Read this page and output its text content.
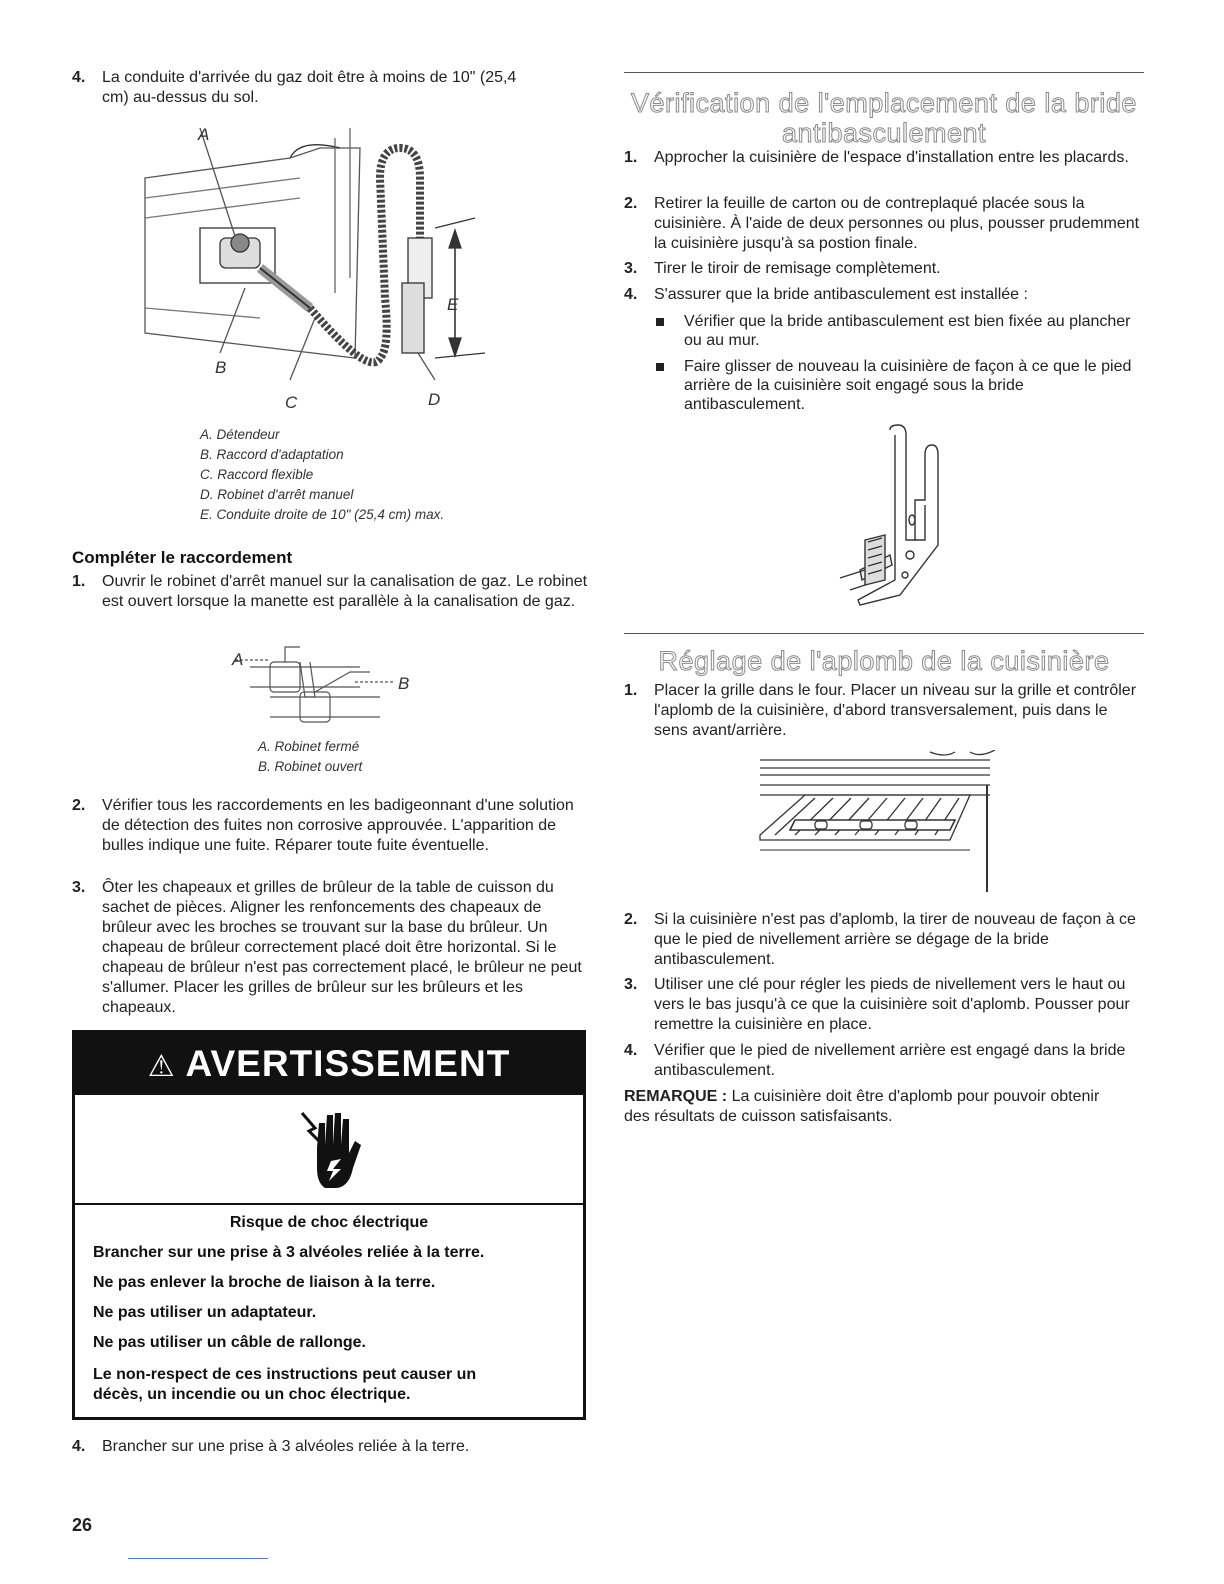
4. La conduite d'arrivée du gaz doit être à moins de 10" (25,4 cm) au-dessus du sol.
A
B
C	D
E
A. Détendeur
B. Raccord d'adaptation
C. Raccord flexible
D. Robinet d'arrêt manuel
E. Conduite droite de 10" (25,4 cm) max.
Compléter le raccordement
1. Ouvrir le robinet d'arrêt manuel sur la canalisation de gaz. Le robinet est ouvert lorsque la manette est parallèle à la canalisation de gaz.
A
B
A. Robinet fermé
B. Robinet ouvert
2. Vérifier tous les raccordements en les badigeonnant d'une solution de détection des fuites non corrosive approuvée. L'apparition de bulles indique une fuite. Réparer toute fuite éventuelle.
3. Ôter les chapeaux et grilles de brûleur de la table de cuisson du sachet de pièces. Aligner les renfoncements des chapeaux de brûleur avec les broches se trouvant sur la base du brûleur. Un chapeau de brûleur correctement placé doit être horizontal. Si le chapeau de brûleur n'est pas correctement placé, le brûleur ne peut s'allumer. Placer les grilles de brûleur sur les brûleurs et les chapeaux.
⚠ AVERTISSEMENT
Risque de choc électrique
Brancher sur une prise à 3 alvéoles reliée à la terre.
Ne pas enlever la broche de liaison à la terre.
Ne pas utiliser un adaptateur.
Ne pas utiliser un câble de rallonge.
Le non-respect de ces instructions peut causer un décès, un incendie ou un choc électrique.
4. Brancher sur une prise à 3 alvéoles reliée à la terre.
26
Vérification de l'emplacement de la bride antibasculement
1. Approcher la cuisinière de l'espace d'installation entre les placards.
2. Retirer la feuille de carton ou de contreplaqué placée sous la cuisinière. À l'aide de deux personnes ou plus, pousser prudemment la cuisinière jusqu'à sa postion finale.
3. Tirer le tiroir de remisage complètement.
4. S'assurer que la bride antibasculement est installée :
Vérifier que la bride antibasculement est bien fixée au plancher ou au mur.
Faire glisser de nouveau la cuisinière de façon à ce que le pied arrière de la cuisinière soit engagé sous la bride antibasculement.
Réglage de l'aplomb de la cuisinière
1. Placer la grille dans le four. Placer un niveau sur la grille et contrôler l'aplomb de la cuisinière, d'abord transversalement, puis dans le sens avant/arrière.
2. Si la cuisinière n'est pas d'aplomb, la tirer de nouveau de façon à ce que le pied de nivellement arrière se dégage de la bride antibasculement.
3. Utiliser une clé pour régler les pieds de nivellement vers le haut ou vers le bas jusqu'à ce que la cuisinière soit d'aplomb. Pousser pour remettre la cuisinière en place.
4. Vérifier que le pied de nivellement arrière est engagé dans la bride antibasculement.
REMARQUE : La cuisinière doit être d'aplomb pour pouvoir obtenir des résultats de cuisson satisfaisants.
